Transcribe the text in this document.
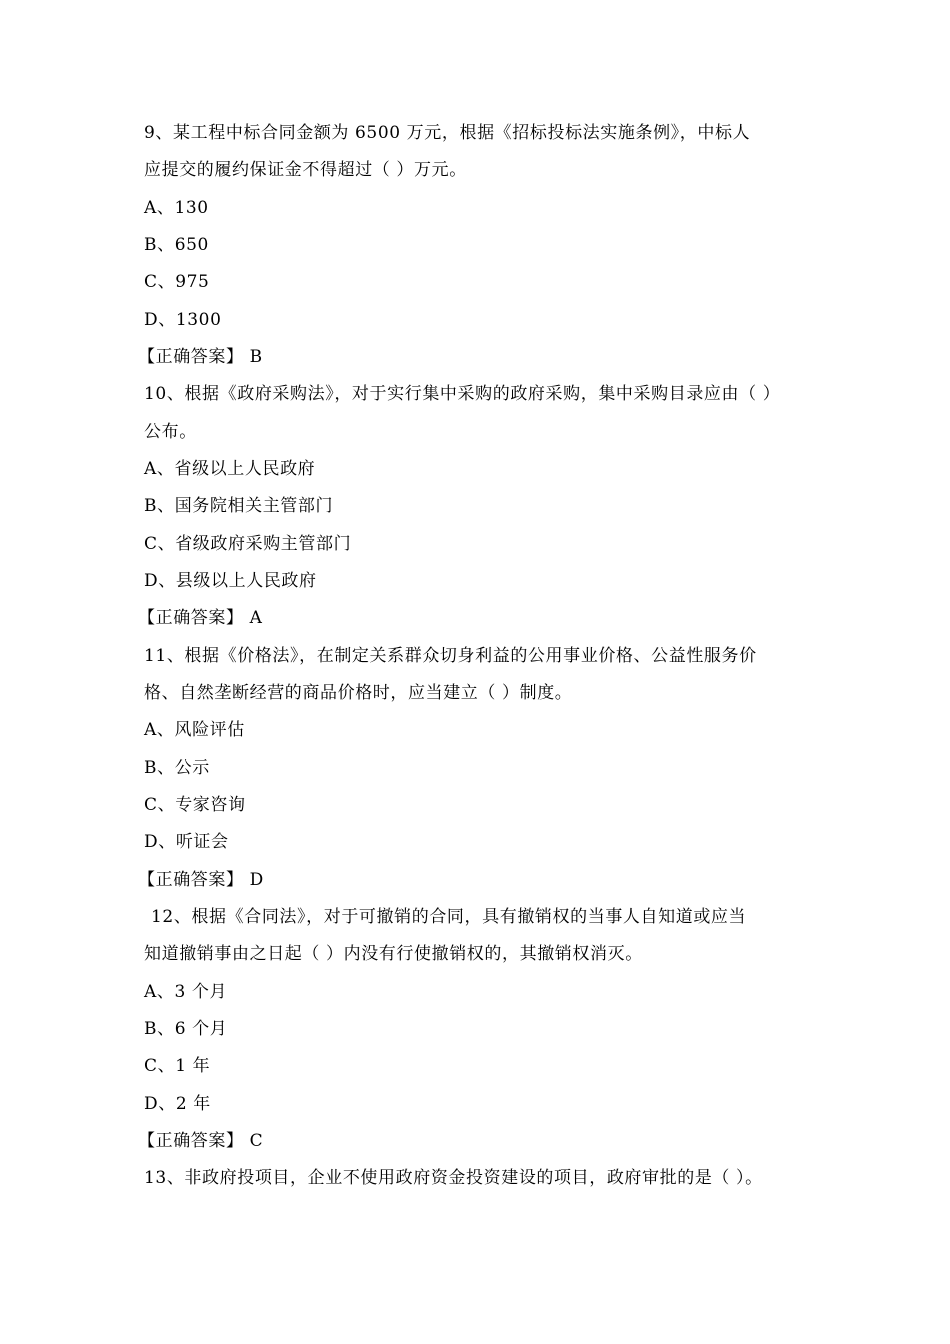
9、某工程中标合同金额为 6500 万元，根据《招标投标法实施条例》，中标人
应提交的履约保证金不得超过（ ）万元。
A、130
B、650
C、975
D、1300
【正确答案】 B
10、根据《政府采购法》，对于实行集中采购的政府采购，集中采购目录应由（ ）
公布。
A、省级以上人民政府
B、国务院相关主管部门
C、省级政府采购主管部门
D、县级以上人民政府
【正确答案】 A
11、根据《价格法》，在制定关系群众切身利益的公用事业价格、公益性服务价
格、自然垄断经营的商品价格时，应当建立（ ）制度。
A、风险评估
B、公示
C、专家咨询
D、听证会
【正确答案】 D
12、根据《合同法》，对于可撤销的合同，具有撤销权的当事人自知道或应当
知道撤销事由之日起（ ）内没有行使撤销权的，其撤销权消灭。
A、3 个月
B、6 个月
C、1 年
D、2 年
【正确答案】 C
13、非政府投项目，企业不使用政府资金投资建设的项目，政府审批的是（ ）。
